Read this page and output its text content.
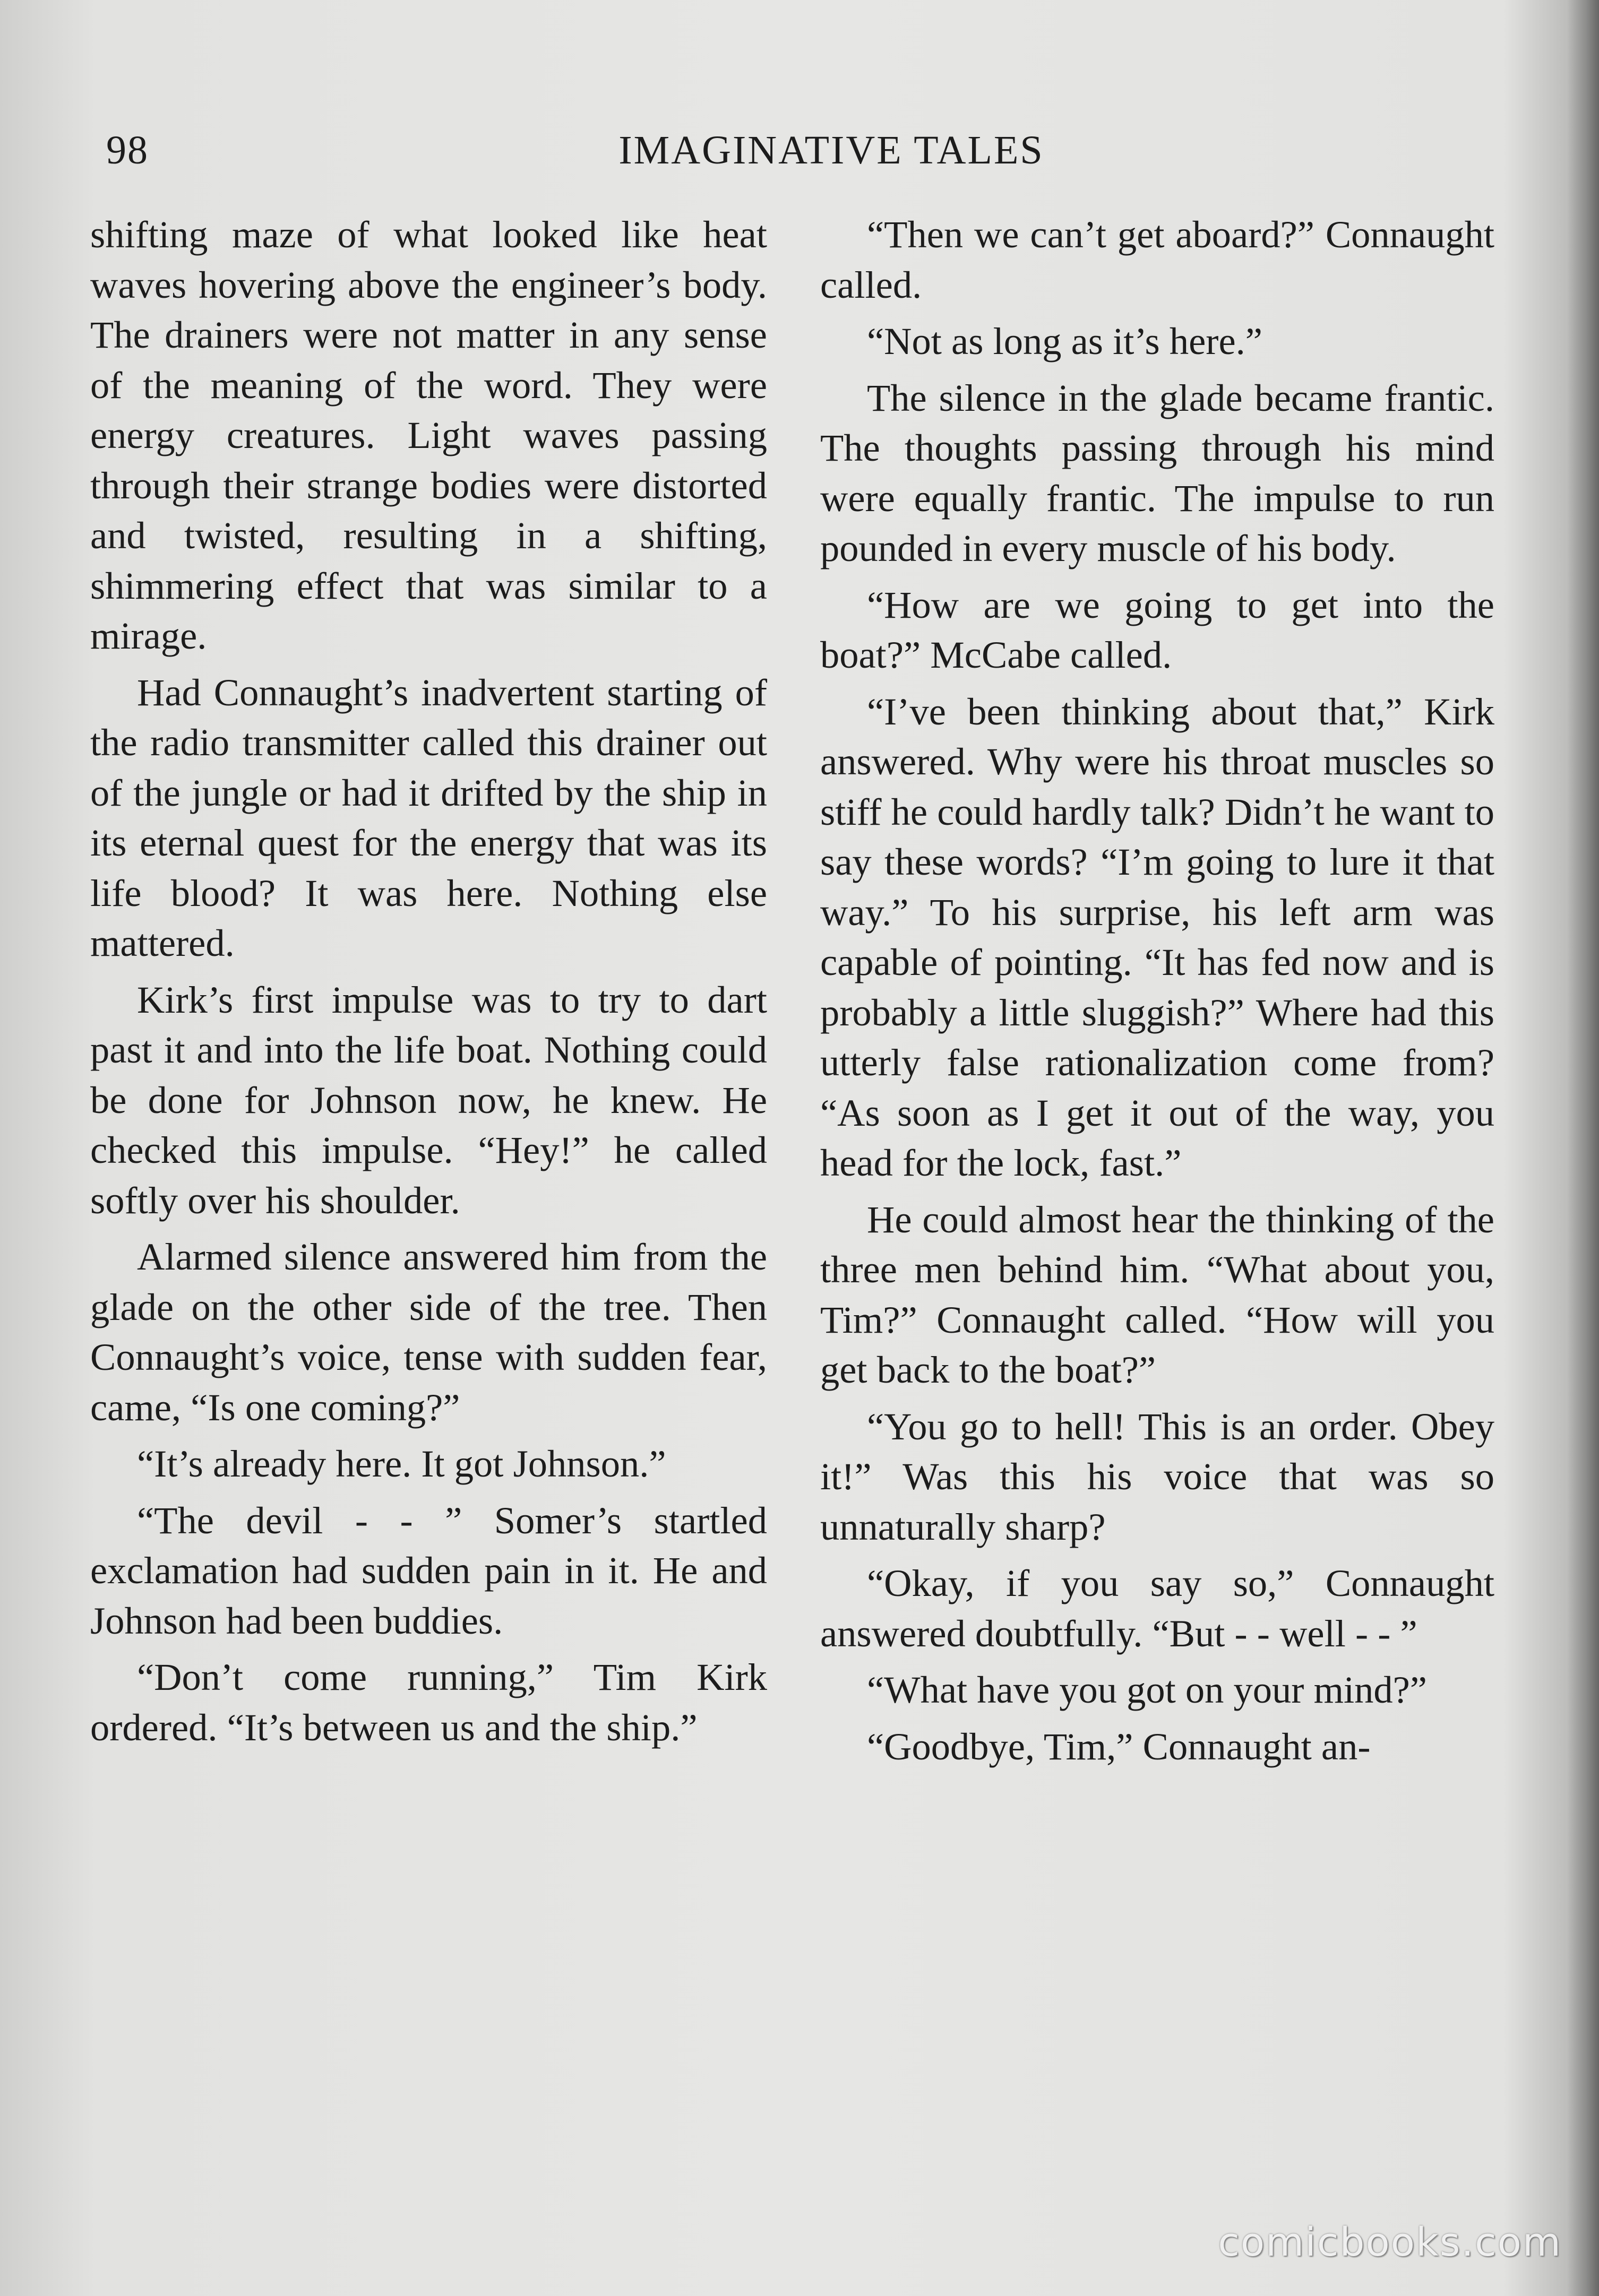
98	IMAGINATIVE TALES

shifting maze of what looked like heat waves hovering above the engineer’s body. The drainers were not matter in any sense of the meaning of the word. They were energy creatures. Light waves passing through their strange bodies were distorted and twisted, resulting in a shifting, shimmering effect that was similar to a mirage.

Had Connaught’s inadvertent starting of the radio transmitter called this drainer out of the jungle or had it drifted by the ship in its eternal quest for the energy that was its life blood? It was here. Nothing else mattered.

Kirk’s first impulse was to try to dart past it and into the life boat. Nothing could be done for Johnson now, he knew. He checked this impulse. “Hey!” he called softly over his shoulder.

Alarmed silence answered him from the glade on the other side of the tree. Then Connaught’s voice, tense with sudden fear, came, “Is one coming?”

“It’s already here. It got Johnson.”

“The devil - - ” Somer’s startled exclamation had sudden pain in it. He and Johnson had been buddies.

“Don’t come running,” Tim Kirk ordered. “It’s between us and the ship.”

“Then we can’t get aboard?” Connaught called.

“Not as long as it’s here.”

The silence in the glade became frantic. The thoughts passing through his mind were equally frantic. The impulse to run pounded in every muscle of his body.

“How are we going to get into the boat?” McCabe called.

“I’ve been thinking about that,” Kirk answered. Why were his throat muscles so stiff he could hardly talk? Didn’t he want to say these words? “I’m going to lure it that way.” To his surprise, his left arm was capable of pointing. “It has fed now and is probably a little sluggish?” Where had this utterly false rationalization come from? “As soon as I get it out of the way, you head for the lock, fast.”

He could almost hear the thinking of the three men behind him. “What about you, Tim?” Connaught called. “How will you get back to the boat?”

“You go to hell! This is an order. Obey it!” Was this his voice that was so unnaturally sharp?

“Okay, if you say so,” Connaught answered doubtfully. “But - - well - - ”

“What have you got on your mind?”

“Goodbye, Tim,” Connaught an-

comicbooks.com
